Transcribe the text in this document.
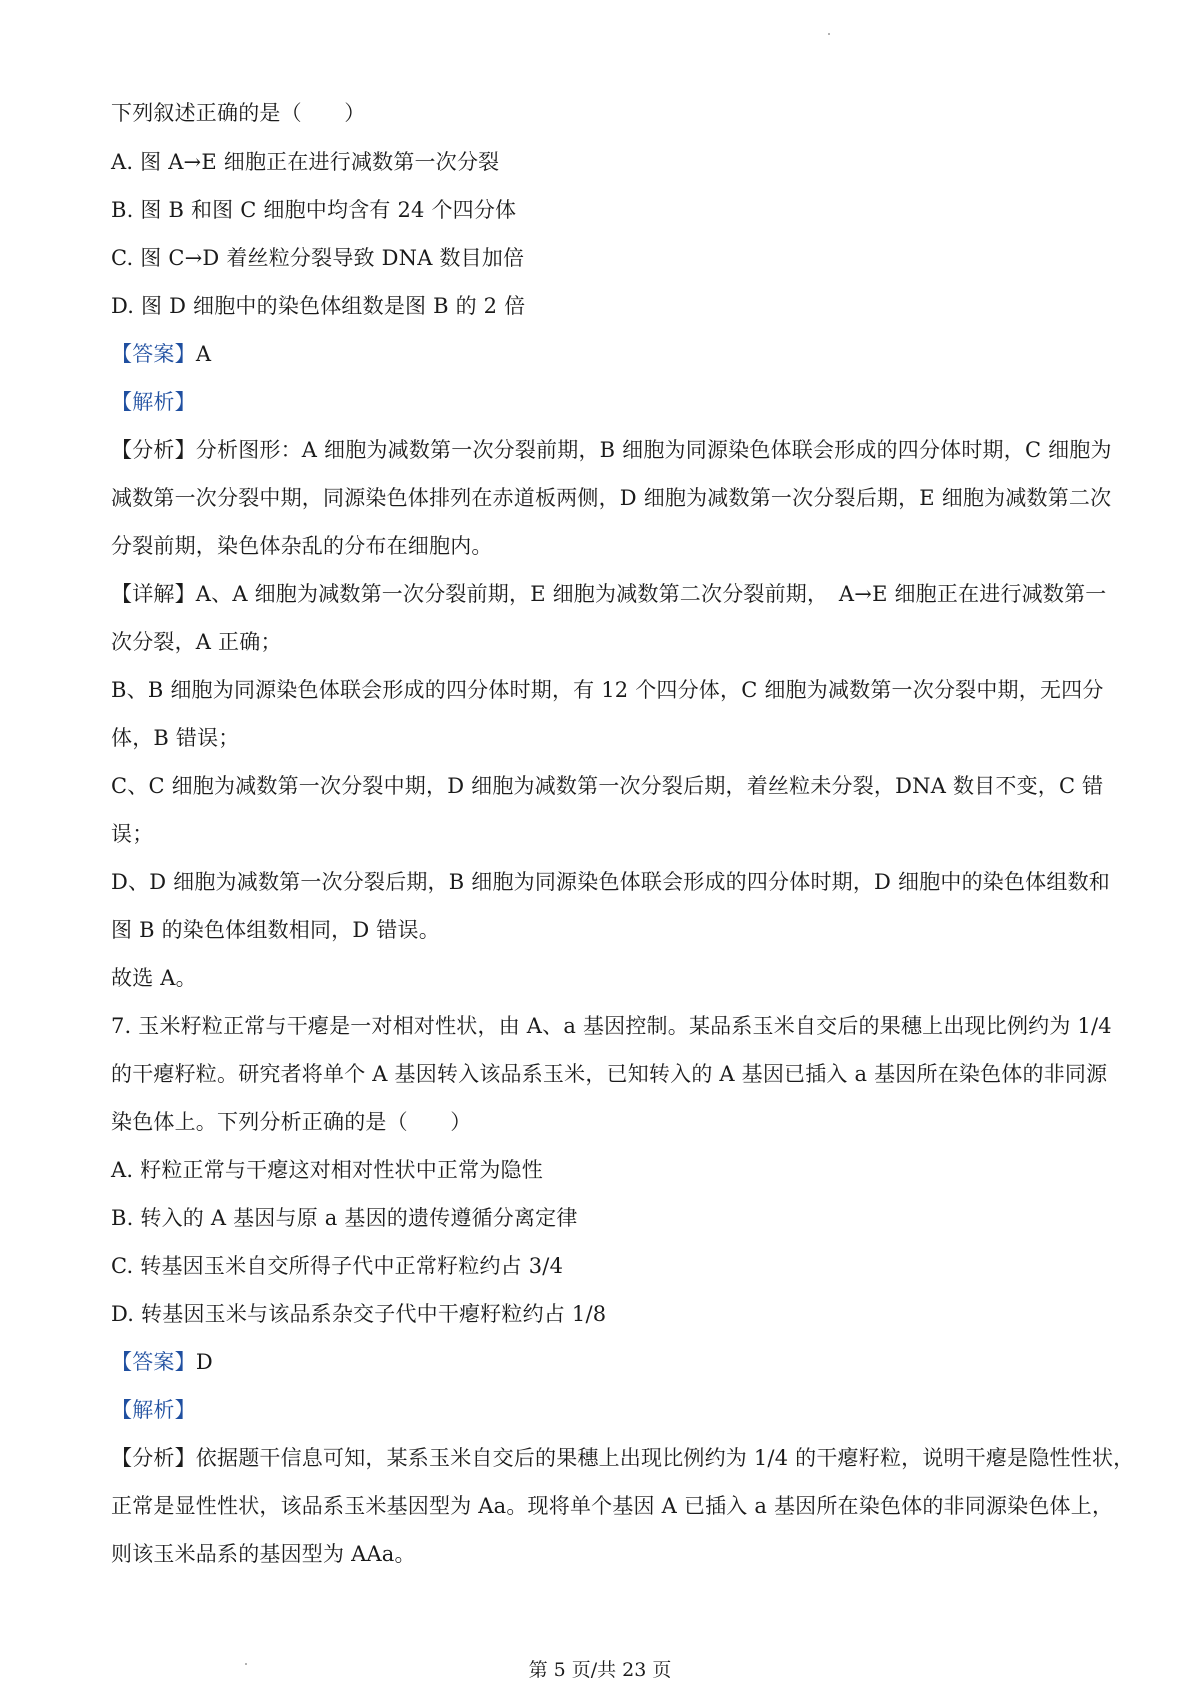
下列叙述正确的是（　　）
A. 图 A→E 细胞正在进行减数第一次分裂
B. 图 B 和图 C 细胞中均含有 24 个四分体
C. 图 C→D 着丝粒分裂导致 DNA 数目加倍
D. 图 D 细胞中的染色体组数是图 B 的 2 倍
【答案】A
【解析】
【分析】分析图形：A 细胞为减数第一次分裂前期，B 细胞为同源染色体联会形成的四分体时期，C 细胞为
减数第一次分裂中期，同源染色体排列在赤道板两侧，D 细胞为减数第一次分裂后期，E 细胞为减数第二次
分裂前期，染色体杂乱的分布在细胞内。
【详解】A、A 细胞为减数第一次分裂前期，E 细胞为减数第二次分裂前期，　A→E 细胞正在进行减数第一
次分裂，A 正确；
B、B 细胞为同源染色体联会形成的四分体时期，有 12 个四分体，C 细胞为减数第一次分裂中期，无四分
体，B 错误；
C、C 细胞为减数第一次分裂中期，D 细胞为减数第一次分裂后期，着丝粒未分裂，DNA 数目不变，C 错
误；
D、D 细胞为减数第一次分裂后期，B 细胞为同源染色体联会形成的四分体时期，D 细胞中的染色体组数和
图 B 的染色体组数相同，D 错误。
故选 A。
7. 玉米籽粒正常与干瘪是一对相对性状，由 A、a 基因控制。某品系玉米自交后的果穗上出现比例约为 1/4
的干瘪籽粒。研究者将单个 A 基因转入该品系玉米，已知转入的 A 基因已插入 a 基因所在染色体的非同源
染色体上。下列分析正确的是（　　）
A. 籽粒正常与干瘪这对相对性状中正常为隐性
B. 转入的 A 基因与原 a 基因的遗传遵循分离定律
C. 转基因玉米自交所得子代中正常籽粒约占 3/4
D. 转基因玉米与该品系杂交子代中干瘪籽粒约占 1/8
【答案】D
【解析】
【分析】依据题干信息可知，某系玉米自交后的果穗上出现比例约为 1/4 的干瘪籽粒，说明干瘪是隐性性状，
正常是显性性状，该品系玉米基因型为 Aa。现将单个基因 A 已插入 a 基因所在染色体的非同源染色体上，
则该玉米品系的基因型为 AAa。
第 5 页/共 23 页
